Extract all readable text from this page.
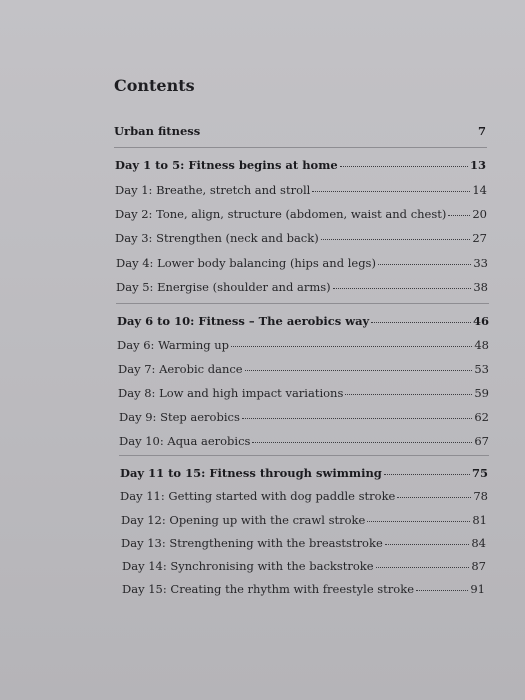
Contents
Urban fitness	7
Day 1 to 5: Fitness begins at home	13
Day 1: Breathe, stretch and stroll	14
Day 2: Tone, align, structure (abdomen, waist and chest) 20
Day 3: Strengthen (neck and back)	27
Day 4: Lower body balancing (hips and legs)	33
Day 5: Energise (shoulder and arms)	38
Day 6 to 10: Fitness – The aerobics way	46
Day 6: Warming up	48
Day 7: Aerobic dance	53
Day 8: Low and high impact variations	59
Day 9: Step aerobics	62
Day 10: Aqua aerobics	67
Day 11 to 15: Fitness through swimming	75
Day 11: Getting started with dog paddle stroke	78
Day 12: Opening up with the crawl stroke	81
Day 13: Strengthening with the breaststroke	84
Day 14: Synchronising with the backstroke	87
Day 15: Creating the rhythm with freestyle stroke	91
